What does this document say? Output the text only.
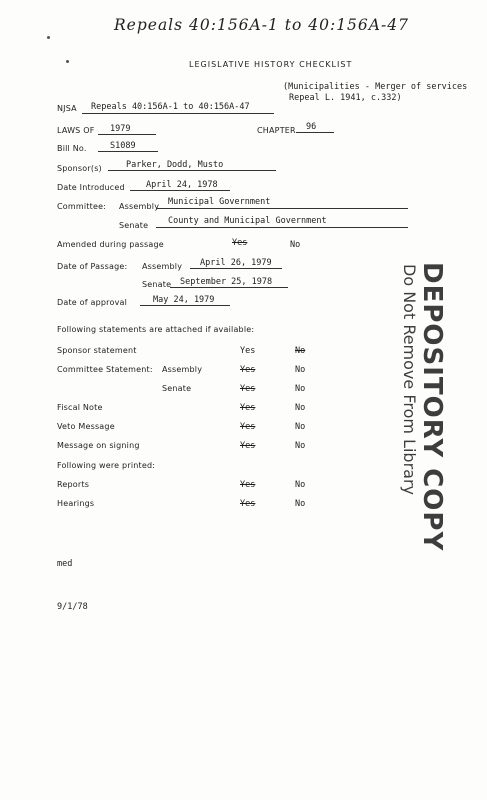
Repeals 40:156A-1 to 40:156A-47
LEGISLATIVE HISTORY CHECKLIST
(Municipalities - Merger of services
Repeal L. 1941, c.332)
NJSA Repeals 40:156A-1 to 40:156A-47
LAWS OF 1979	CHAPTER 96
Bill No.	S1089
Sponsor(s)	Parker, Dodd, Musto
Date Introduced April 24, 1978
Committee: Assembly Municipal Government
Senate County and Municipal Government
Amended during passage	Yes	No
Date of Passage: Assembly April 26, 1979
Senate September 25, 1978
Date of approval	May 24, 1979
Following statements are attached if available:
Sponsor statement	Yes	No
Committee Statement: Assembly	Yes	No
Senate	Yes	No
Fiscal Note	Yes	No
Veto Message	Yes	No
Message on signing	Yes	No
Following were printed:
Reports	Yes	No
Hearings	Yes	No	DEPOSITORY COPY
Do Not Remove From Library
med
9/1/78
